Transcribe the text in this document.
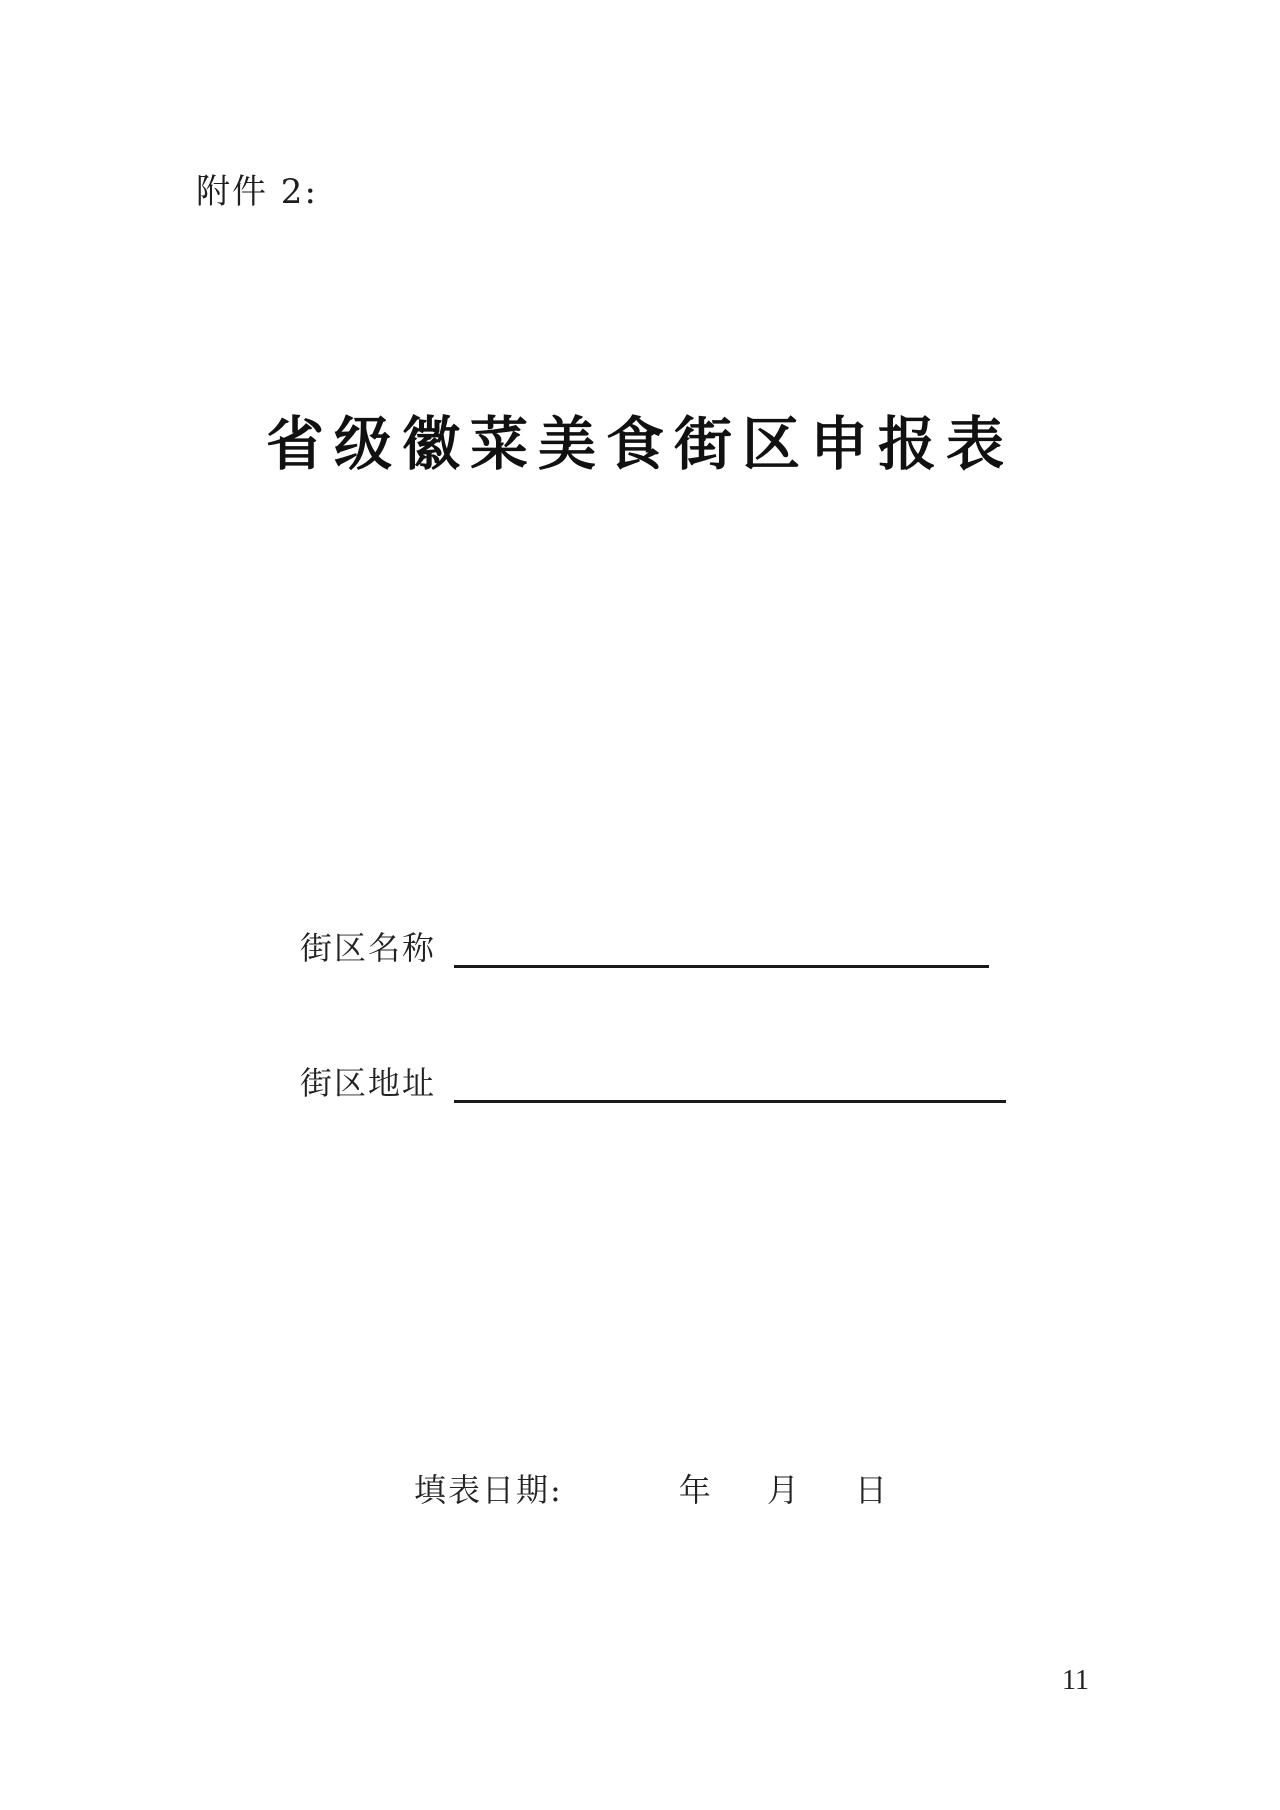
附件 2:
省级徽菜美食街区申报表
街区名称
街区地址
填表日期:	年 月 日
11
